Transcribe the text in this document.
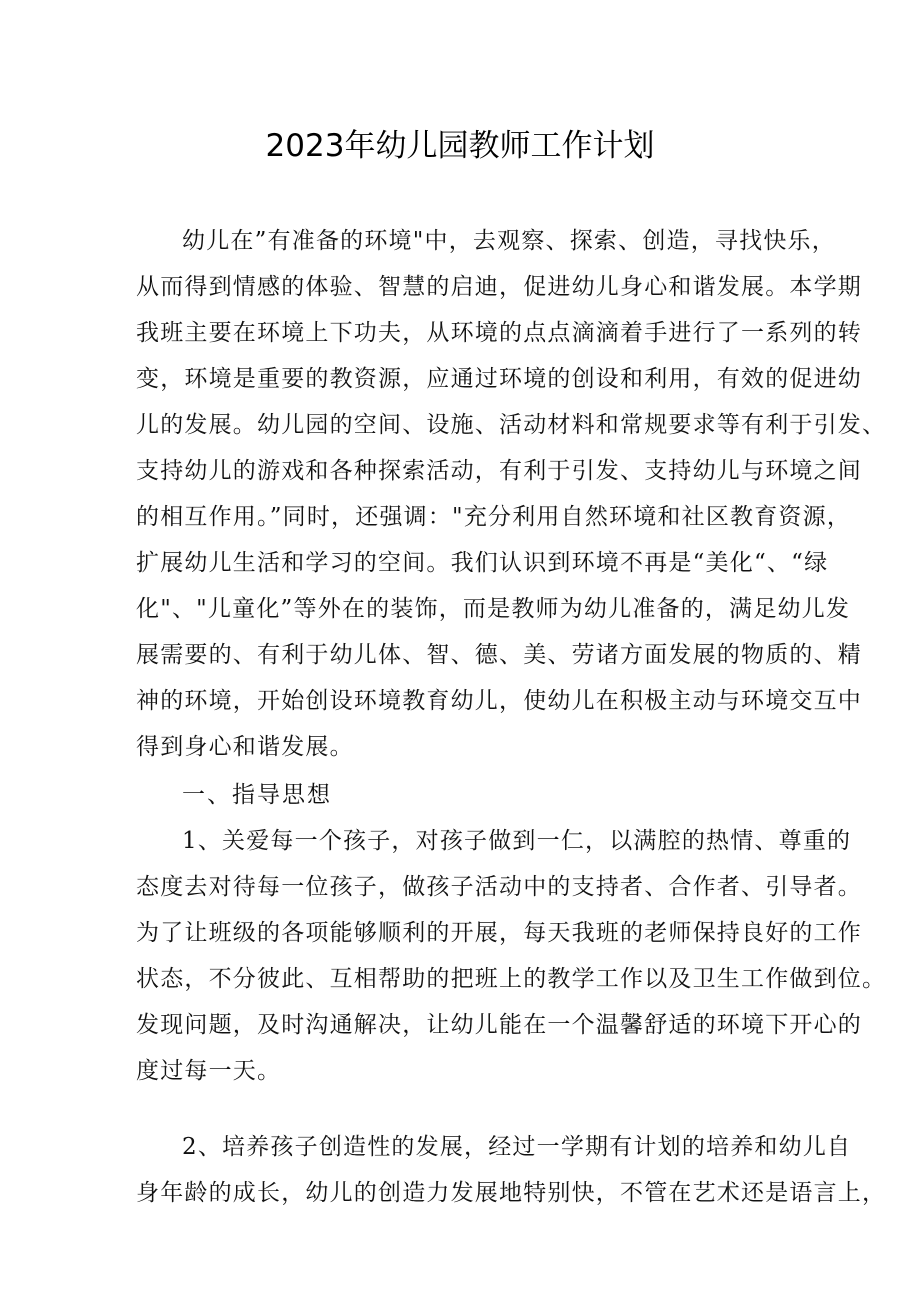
2023年幼儿园教师工作计划
幼儿在”有准备的环境"中，去观察、探索、创造，寻找快乐，
从而得到情感的体验、智慧的启迪，促进幼儿身心和谐发展。本学期
我班主要在环境上下功夫，从环境的点点滴滴着手进行了一系列的转
变，环境是重要的教资源，应通过环境的创设和利用，有效的促进幼
儿的发展。幼儿园的空间、设施、活动材料和常规要求等有利于引发、
支持幼儿的游戏和各种探索活动，有利于引发、支持幼儿与环境之间
的相互作用。”同时，还强调："充分利用自然环境和社区教育资源，
扩展幼儿生活和学习的空间。我们认识到环境不再是“美化“、“绿
化"、"儿童化”等外在的装饰，而是教师为幼儿准备的，满足幼儿发
展需要的、有利于幼儿体、智、德、美、劳诸方面发展的物质的、精
神的环境，开始创设环境教育幼儿，使幼儿在积极主动与环境交互中
得到身心和谐发展。
一、指导思想
1、关爱每一个孩子，对孩子做到一仁，以满腔的热情、尊重的
态度去对待每一位孩子，做孩子活动中的支持者、合作者、引导者。
为了让班级的各项能够顺利的开展，每天我班的老师保持良好的工作
状态，不分彼此、互相帮助的把班上的教学工作以及卫生工作做到位。
发现问题，及时沟通解决，让幼儿能在一个温馨舒适的环境下开心的
度过每一天。
2、培养孩子创造性的发展，经过一学期有计划的培养和幼儿自
身年龄的成长，幼儿的创造力发展地特别快，不管在艺术还是语言上，
